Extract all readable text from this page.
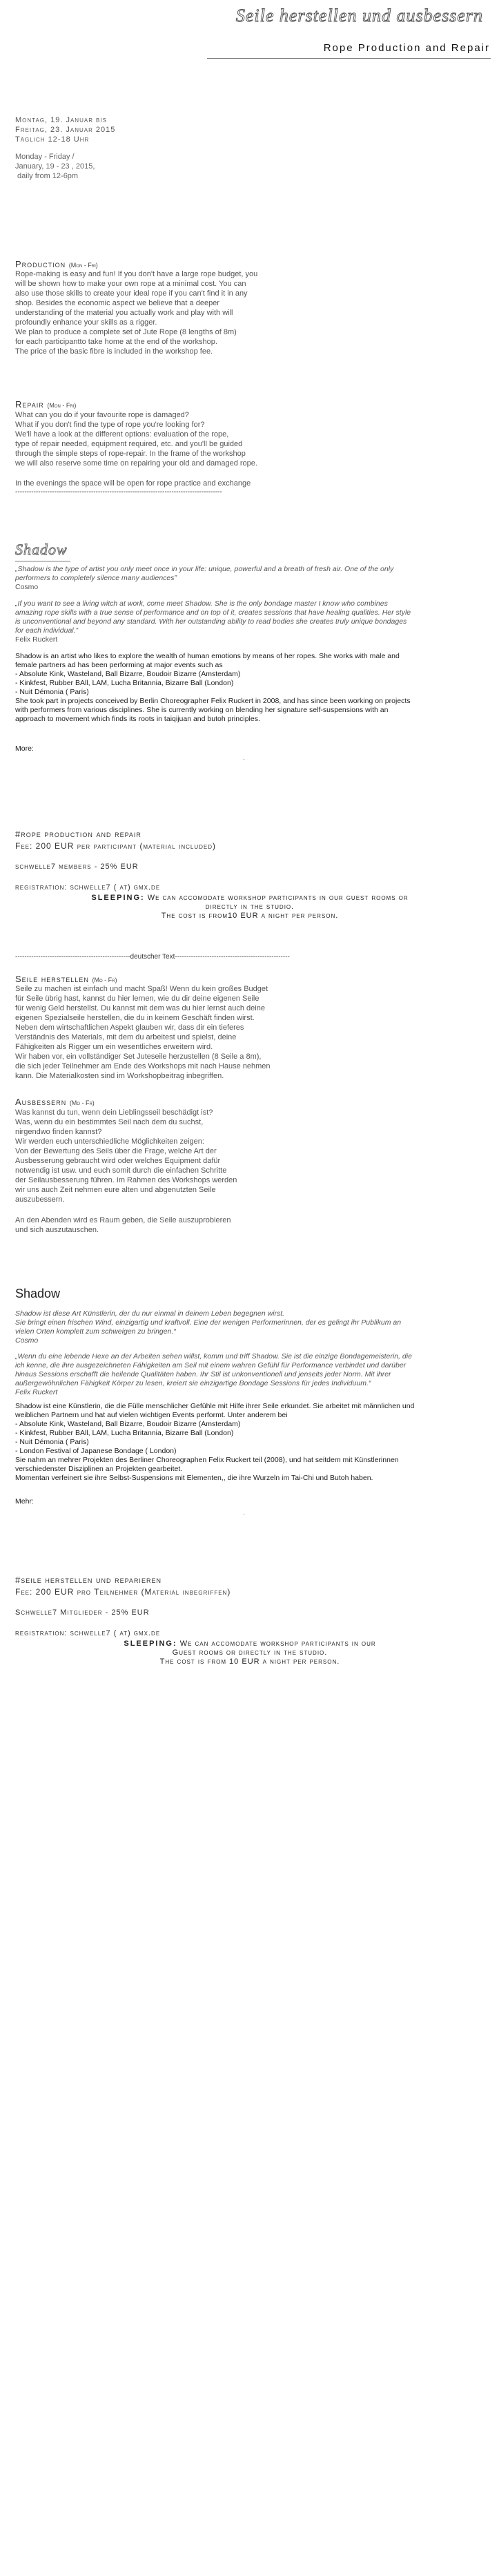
Seile herstellen und ausbessern
Rope Production and Repair
Montag, 19. Januar bis
Freitag, 23. Januar 2015
Täglich 12-18 Uhr
Monday - Friday /
January, 19 - 23 , 2015,
daily from 12-6pm
Production (Mon - Fri)
Rope-making is easy and fun! If you don't have a large rope budget, you
will be shown how to make your own rope at a minimal cost. You can
also use those skills to create your ideal rope if you can't find it in any
shop. Besides the economic aspect we believe that a deeper
understanding of the material you actually work and play with will
profoundly enhance your skills as a rigger.
We plan to produce a complete set of Jute Rope (8 lengths of 8m)
for each participantto take home at the end of the workshop.
The price of the basic fibre is included in the workshop fee.
Repair (Mon - Fri)
What can you do if your favourite rope is damaged?
What if you don't find the type of rope you're looking for?
We'll have a look at the different options: evaluation of the rope,
type of repair needed, equipment required, etc. and you'll be guided
through the simple steps of rope-repair. In the frame of the workshop
we will also reserve some time on repairing your old and damaged rope.
In the evenings the space will be open for rope practice and exchange
------------------------------------------------------------------------------------------
Shadow
„Shadow is the type of artist you only meet once in your life: unique, powerful and a breath of fresh air. One of the only
performers to completely silence many audiences”
Cosmo
„If you want to see a living witch at work, come meet Shadow. She is the only bondage master I know who combines
amazing rope skills with a true sense of performance and on top of it, creates sessions that have healing qualities. Her style
is unconventional and beyond any standard. With her outstanding ability to read bodies she creates truly unique bondages
for each individual.”
Felix Ruckert
Shadow is an artist who likes to explore the wealth of human emotions by means of her ropes. She works with male and
female partners ad has been performing at major events such as
- Absolute Kink, Wasteland, Ball Bizarre, Boudoir Bizarre (Amsterdam)
- Kinkfest, Rubber BAll, LAM, Lucha Britannia, Bizarre Ball (London)
- Nuit Démonia ( Paris)
She took part in projects conceived by Berlin Choreographer Felix Ruckert in 2008, and has since been working on projects
with performers from various disciplines. She is currently working on blending her signature self-suspensions with an
approach to movement which finds its roots in taiqijuan and butoh principles.
More:
.
#rope production and repair
Fee: 200 EUR per participant (material included)
schwelle7 members - 25% EUR
registration: schwelle7 ( at) gmx.de
SLEEPING: We can accomodate workshop participants in our guest rooms or
directly in the studio.
The cost is from10 EUR a night per person.
--------------------------------------------------deutscher Text--------------------------------------------------
Seile herstellen (Mo - Fr)
Seile zu machen ist einfach und macht Spaß! Wenn du kein großes Budget
für Seile übrig hast, kannst du hier lernen, wie du dir deine eigenen Seile
für wenig Geld herstellst. Du kannst mit dem was du hier lernst auch deine
eigenen Spezialseile herstellen, die du in keinem Geschäft finden wirst.
Neben dem wirtschaftlichen Aspekt glauben wir, dass dir ein tieferes
Verständnis des Materials, mit dem du arbeitest und spielst, deine
Fähigkeiten als Rigger um ein wesentliches erweitern wird.
Wir haben vor, ein vollständiger Set Juteseile herzustellen (8 Seile a 8m),
die sich jeder Teilnehmer am Ende des Workshops mit nach Hause nehmen
kann. Die Materialkosten sind im Workshopbeitrag inbegriffen.
Ausbessern (Mo - Fr)
Was kannst du tun, wenn dein Lieblingsseil beschädigt ist?
Was, wenn du ein bestimmtes Seil nach dem du suchst,
nirgendwo finden kannst?
Wir werden euch unterschiedliche Möglichkeiten zeigen:
Von der Bewertung des Seils über die Frage, welche Art der
Ausbesserung gebraucht wird oder welches Equipment dafür
notwendig ist usw. und euch somit durch die einfachen Schritte
der Seilausbesserung führen. Im Rahmen des Workshops werden
wir uns auch Zeit nehmen eure alten und abgenutzten Seile
auszubessern.
An den Abenden wird es Raum geben, die Seile auszuprobieren
und sich auszutauschen.
Shadow
Shadow ist diese Art Künstlerin, der du nur einmal in deinem Leben begegnen wirst.
Sie bringt einen frischen Wind, einzigartig und kraftvoll. Eine der wenigen Performerinnen, der es gelingt ihr Publikum an
vielen Orten komplett zum schweigen zu bringen.“
Cosmo
„Wenn du eine lebende Hexe an der Arbeiten sehen willst, komm und triff Shadow. Sie ist die einzige Bondagemeisterin, die
ich kenne, die ihre ausgezeichneten Fähigkeiten am Seil mit einem wahren Gefühl für Performance verbindet und darüber
hinaus Sessions erschafft die heilende Qualitäten haben. Ihr Stil ist unkonventionell und jenseits jeder Norm. Mit ihrer
außergewöhnlichen Fähigkeit Körper zu lesen, kreiert sie einzigartige Bondage Sessions für jedes Individuum.“
Felix Ruckert
Shadow ist eine Künstlerin, die die Fülle menschlicher Gefühle mit Hilfe ihrer Seile erkundet. Sie arbeitet mit männlichen und
weiblichen Partnern und hat auf vielen wichtigen Events performt. Unter anderem bei
- Absolute Kink, Wasteland, Ball Bizarre, Boudoir Bizarre (Amsterdam)
- Kinkfest, Rubber BAll, LAM, Lucha Britannia, Bizarre Ball (London)
- Nuit Démonia ( Paris)
- London Festival of Japanese Bondage ( London)
Sie nahm an mehrer Projekten des Berliner Choreographen Felix Ruckert teil (2008), und hat seitdem mit Künstlerinnen
verschiedenster Disziplinen an Projekten gearbeitet.
Momentan verfeinert sie ihre Selbst-Suspensions mit Elementen,, die ihre Wurzeln im Tai-Chi und Butoh haben.
Mehr:
.
#seile herstellen und reparieren
Fee: 200 EUR pro Teilnehmer (Material inbegriffen)
Schwelle7 Mitglieder - 25% EUR
registration: schwelle7 ( at) gmx.de
SLEEPING: We can accomodate workshop participants in our
Guest rooms or directly in the studio.
The cost is from 10 EUR a night per person.
